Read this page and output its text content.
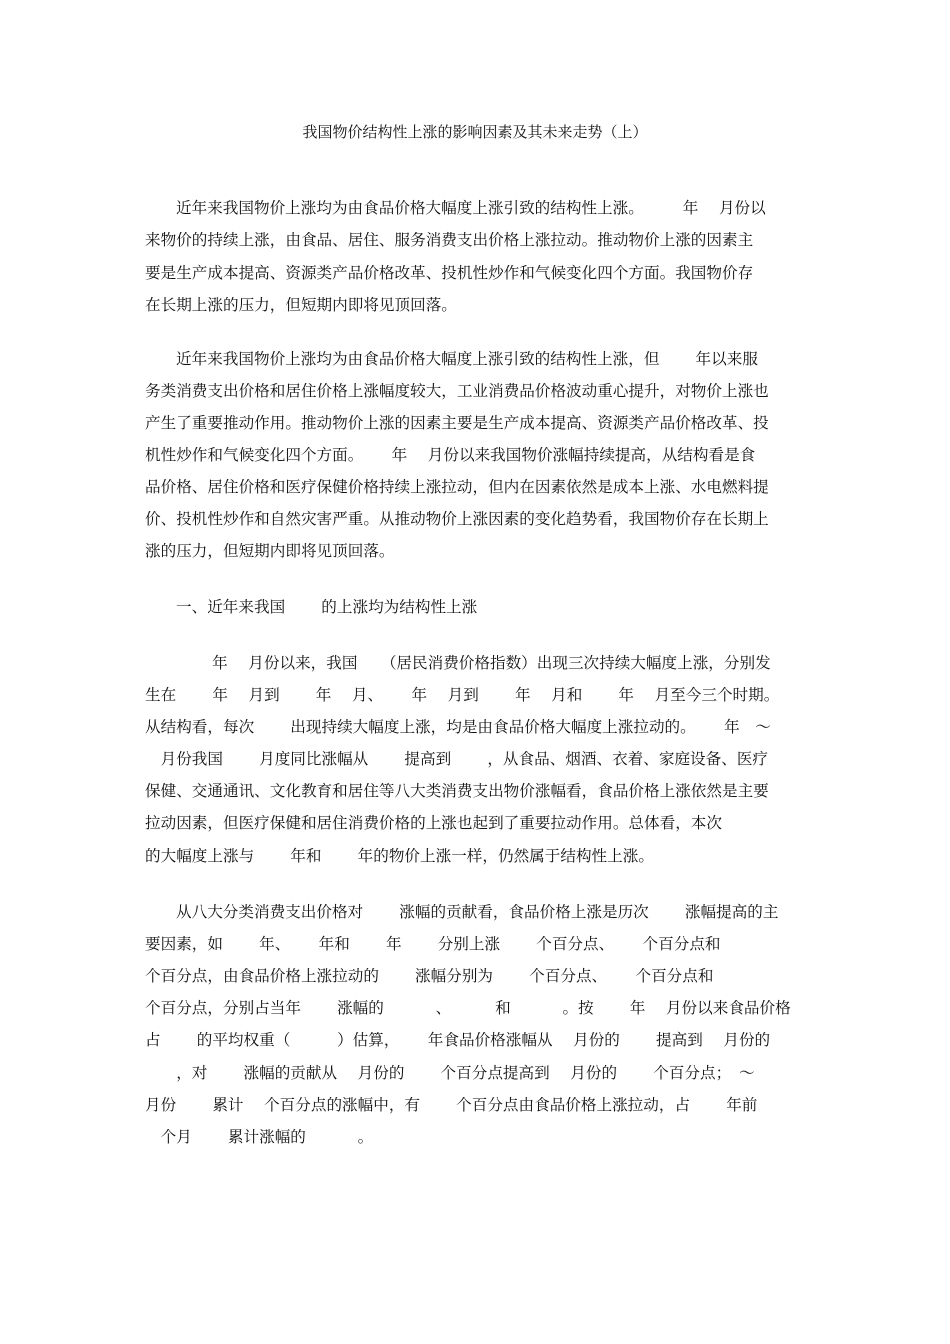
我国物价结构性上涨的影响因素及其未来走势（上）
近年来我国物价上涨均为由食品价格大幅度上涨引致的结构性上涨。　　　年　 月份以
来物价的持续上涨，由食品、居住、服务消费支出价格上涨拉动。推动物价上涨的因素主
要是生产成本提高、资源类产品价格改革、投机性炒作和气候变化四个方面。我国物价存
在长期上涨的压力，但短期内即将见顶回落。
近年来我国物价上涨均为由食品价格大幅度上涨引致的结构性上涨，但　　 年以来服
务类消费支出价格和居住价格上涨幅度较大，工业消费品价格波动重心提升，对物价上涨也
产生了重要推动作用。推动物价上涨的因素主要是生产成本提高、资源类产品价格改革、投
机性炒作和气候变化四个方面。　　 年　 月份以来我国物价涨幅持续提高，从结构看是食
品价格、居住价格和医疗保健价格持续上涨拉动，但内在因素依然是成本上涨、水电燃料提
价、投机性炒作和自然灾害严重。从推动物价上涨因素的变化趋势看，我国物价存在长期上
涨的压力，但短期内即将见顶回落。
一、近年来我国　　 的上涨均为结构性上涨
　　 年　 月份以来，我国　　（居民消费价格指数）出现三次持续大幅度上涨，分别发
生在　　 年　 月到　　 年　 月、　　 年　 月到　　 年　 月和　　 年　 月至今三个时期。
从结构看，每次　　 出现持续大幅度上涨，均是由食品价格大幅度上涨拉动的。　　 年　～
　月份我国　　 月度同比涨幅从　　 提高到　　 ，从食品、烟酒、衣着、家庭设备、医疗
保健、交通通讯、文化教育和居住等八大类消费支出物价涨幅看，食品价格上涨依然是主要
拉动因素，但医疗保健和居住消费价格的上涨也起到了重要拉动作用。总体看，本次
的大幅度上涨与　　 年和　　 年的物价上涨一样，仍然属于结构性上涨。
从八大分类消费支出价格对　　 涨幅的贡献看，食品价格上涨是历次　　 涨幅提高的主
要因素，如　　 年、　　 年和　　 年　　 分别上涨　　 个百分点、　　 个百分点和
个百分点，由食品价格上涨拉动的　　 涨幅分别为　　 个百分点、　　 个百分点和
个百分点，分别占当年　　 涨幅的　　　 、　　　 和　　　 。按　　 年　 月份以来食品价格
占　　 的平均权重（　　　）估算，　　 年食品价格涨幅从　 月份的　　 提高到　 月份的
　　，对　　 涨幅的贡献从　 月份的　　 个百分点提高到　 月份的　　 个百分点；　～
月份　　 累计　 个百分点的涨幅中，有　　 个百分点由食品价格上涨拉动，占　　 年前
　个月　　 累计涨幅的　　　 。
